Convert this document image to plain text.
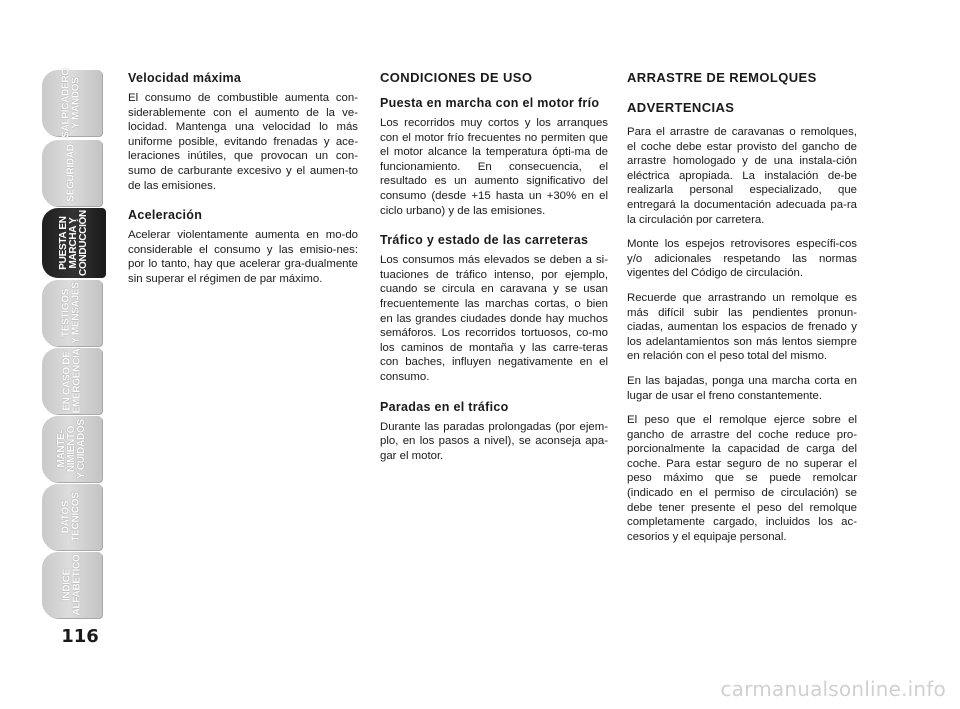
SALPICADERO
Y MANDOS
SEGURIDAD
PUESTA EN
MARCHA Y
CONDUCCIÓN
TESTIGOS
Y MENSAJES
EN CASO DE
EMERGENCIA
MANTE-
NIMIENTO
Y CUIDADOS
DATOS
TÉCNICOS
ÍNDICE
ALFABÉTICO
116
Velocidad máxima

El consumo de combustible aumenta con-siderablemente con el aumento de la ve-locidad. Mantenga una velocidad lo más uniforme posible, evitando frenadas y ace-leraciones inútiles, que provocan un con-sumo de carburante excesivo y el aumen-to de las emisiones.

Aceleración

Acelerar violentamente aumenta en mo-do considerable el consumo y las emisio-nes: por lo tanto, hay que acelerar gra-dualmente sin superar el régimen de par máximo.

CONDICIONES DE USO
Puesta en marcha con el motor frío

Los recorridos muy cortos y los arranques con el motor frío frecuentes no permiten que el motor alcance la temperatura ópti-ma de funcionamiento. En consecuencia, el resultado es un aumento significativo del consumo (desde +15 hasta un +30% en el ciclo urbano) y de las emisiones.

Tráfico y estado de las carreteras

Los consumos más elevados se deben a si-tuaciones de tráfico intenso, por ejemplo, cuando se circula en caravana y se usan frecuentemente las marchas cortas, o bien en las grandes ciudades donde hay muchos semáforos. Los recorridos tortuosos, co-mo los caminos de montaña y las carre-teras con baches, influyen negativamente en el consumo.

Paradas en el tráfico

Durante las paradas prolongadas (por ejem-plo, en los pasos a nivel), se aconseja apa-gar el motor.

ARRASTRE DE REMOLQUES
ADVERTENCIAS

Para el arrastre de caravanas o remolques, el coche debe estar provisto del gancho de arrastre homologado y de una instala-ción eléctrica apropiada. La instalación de-be realizarla personal especializado, que entregará la documentación adecuada pa-ra la circulación por carretera.

Monte los espejos retrovisores específi-cos y/o adicionales respetando las normas vigentes del Código de circulación.

Recuerde que arrastrando un remolque es más difícil subir las pendientes pronun-ciadas, aumentan los espacios de frenado y los adelantamientos son más lentos siempre en relación con el peso total del mismo.

En las bajadas, ponga una marcha corta en lugar de usar el freno constantemente.

El peso que el remolque ejerce sobre el gancho de arrastre del coche reduce pro-porcionalmente la capacidad de carga del coche. Para estar seguro de no superar el peso máximo que se puede remolcar (indicado en el permiso de circulación) se debe tener presente el peso del remolque completamente cargado, incluidos los ac-cesorios y el equipaje personal.

carmanualsonline.info
